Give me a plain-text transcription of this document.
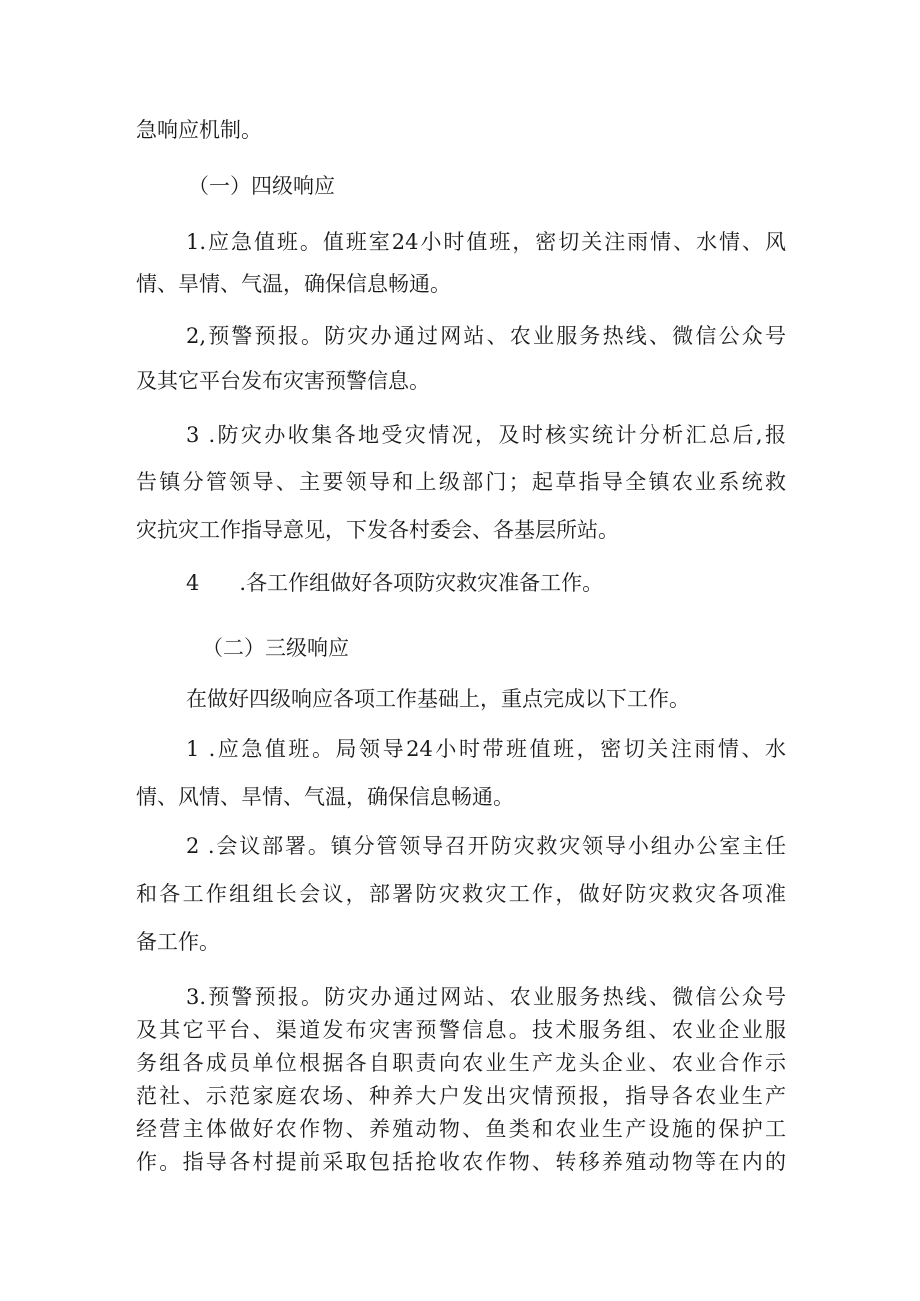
急响应机制。

（一）四级响应

1.应急值班。值班室24小时值班，密切关注雨情、水情、风

情、旱情、气温，确保信息畅通。

2,预警预报。防灾办通过网站、农业服务热线、微信公众号

及其它平台发布灾害预警信息。

3 .防灾办收集各地受灾情况，及时核实统计分析汇总后,报

告镇分管领导、主要领导和上级部门；起草指导全镇农业系统救

灾抗灾工作指导意见，下发各村委会、各基层所站。

4      .各工作组做好各项防灾救灾准备工作。

（二）三级响应

在做好四级响应各项工作基础上，重点完成以下工作。

1 .应急值班。局领导24小时带班值班，密切关注雨情、水

情、风情、旱情、气温，确保信息畅通。

2 .会议部署。镇分管领导召开防灾救灾领导小组办公室主任

和各工作组组长会议，部署防灾救灾工作，做好防灾救灾各项准

备工作。

3.预警预报。防灾办通过网站、农业服务热线、微信公众号

及其它平台、渠道发布灾害预警信息。技术服务组、农业企业服

务组各成员单位根据各自职责向农业生产龙头企业、农业合作示

范社、示范家庭农场、种养大户发出灾情预报，指导各农业生产

经营主体做好农作物、养殖动物、鱼类和农业生产设施的保护工

作。指导各村提前采取包括抢收农作物、转移养殖动物等在内的
